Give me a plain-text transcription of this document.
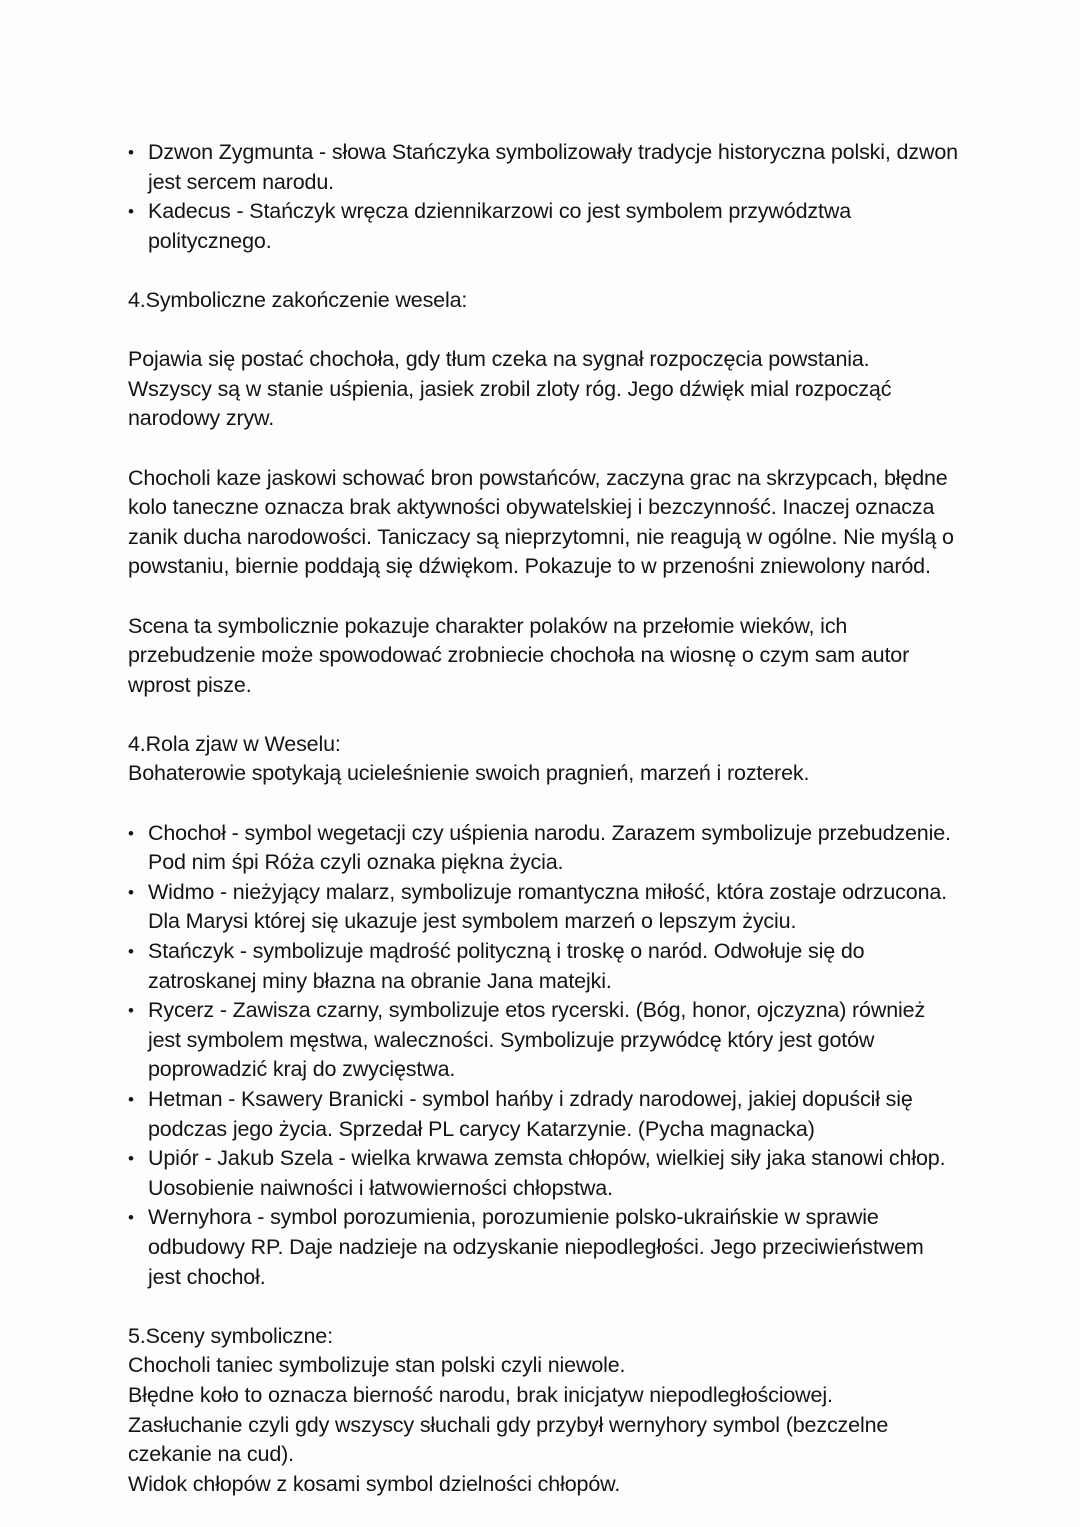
• Dzwon Zygmunta - słowa Stańczyka symbolizowały tradycje historyczna polski, dzwon jest sercem narodu.
• Kadecus - Stańczyk wręcza dziennikarzowi co jest symbolem przywództwa politycznego.

4.Symboliczne zakończenie wesela:

Pojawia się postać chochoła, gdy tłum czeka na sygnał rozpoczęcia powstania. Wszyscy są w stanie uśpienia, jasiek zrobil zloty róg. Jego dźwięk mial rozpocząć narodowy zryw.

Chocholi kaze jaskowi schować bron powstańców, zaczyna grac na skrzypcach, błędne kolo taneczne oznacza brak aktywności obywatelskiej i bezczynność. Inaczej oznacza zanik ducha narodowości. Taniczacy są nieprzytomni, nie reagują w ogólne. Nie myślą o powstaniu, biernie poddają się dźwiękom. Pokazuje to w przenośni zniewolony naród.

Scena ta symbolicznie pokazuje charakter polaków na przełomie wieków, ich przebudzenie może spowodować zrobniecie chochoła na wiosnę o czym sam autor wprost pisze.

4.Rola zjaw w Weselu:

Bohaterowie spotykają ucieleśnienie swoich pragnień, marzeń i rozterek.

• Chochoł - symbol wegetacji czy uśpienia narodu. Zarazem symbolizuje przebudzenie. Pod nim śpi Róża czyli oznaka piękna życia.
• Widmo - nieżyjący malarz, symbolizuje romantyczna miłość, która zostaje odrzucona. Dla Marysi której się ukazuje jest symbolem marzeń o lepszym życiu.
• Stańczyk - symbolizuje mądrość polityczną i troskę o naród. Odwołuje się do zatroskanej miny błazna na obranie Jana matejki.
• Rycerz - Zawisza czarny, symbolizuje etos rycerski. (Bóg, honor, ojczyzna) również jest symbolem męstwa, waleczności. Symbolizuje przywódcę który jest gotów poprowadzić kraj do zwycięstwa.
• Hetman - Ksawery Branicki - symbol hańby i zdrady narodowej, jakiej dopuścił się podczas jego życia. Sprzedał PL carycy Katarzynie. (Pycha magnacka)
• Upiór - Jakub Szela - wielka krwawa zemsta chłopów, wielkiej siły jaka stanowi chłop. Uosobienie naiwności i łatwowierności chłopstwa.
• Wernyhora - symbol porozumienia, porozumienie polsko-ukraińskie w sprawie odbudowy RP. Daje nadzieje na odzyskanie niepodległości. Jego przeciwieństwem jest chochoł.

5.Sceny symboliczne:

Chocholi taniec symbolizuje stan polski czyli niewole.

Błędne koło to oznacza bierność narodu, brak inicjatyw niepodległościowej.

Zasłuchanie czyli gdy wszyscy słuchali gdy przybył wernyhory symbol (bezczelne czekanie na cud).

Widok chłopów z kosami symbol dzielności chłopów.
